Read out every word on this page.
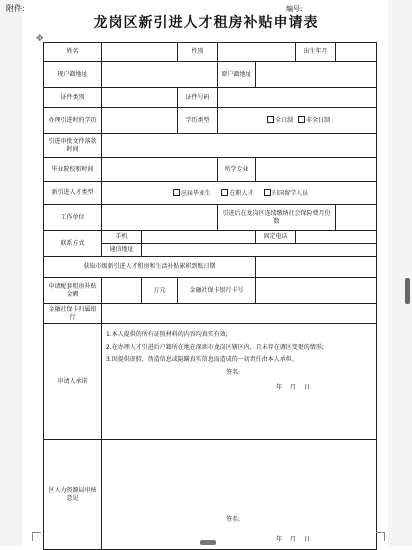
附件:	编号:
龙岗区新引进人才租房补贴申请表
✥
姓名			性别			出生年月	
现户籍地址				原户籍地址			
证件类别			证件号码				
办理引进时的学历			学历类型	全日制 非全日制			
引进审批文件落款时间							
毕业院校和时间				所学专业			
新引进人才类型	应届毕业生 在职人才 归国留学人员						
工作单位				引进后在龙岗区连续缴纳社会保险费月份数			
联系方式	手机				固定电话		
	通信地址						
获取市级新引进人才租房和生活补贴累积到账日期							
申请配套租房补贴金额		万元	金融社保卡银行卡号				
金融社保卡归属银行							
申请人承诺	1.本人提供的所有证照材料的内容均真实有效;
2.在办理人才引进后户籍所在地在深圳市龙岗区辖区内，且未存在调区变更的情形;
3.因提供虚假、伪造信息或隐瞒真实信息而造成的一切责任由本人承担。
签名:
年 月 日						

区人力资源局审核意见	签名:
年 月 日						
